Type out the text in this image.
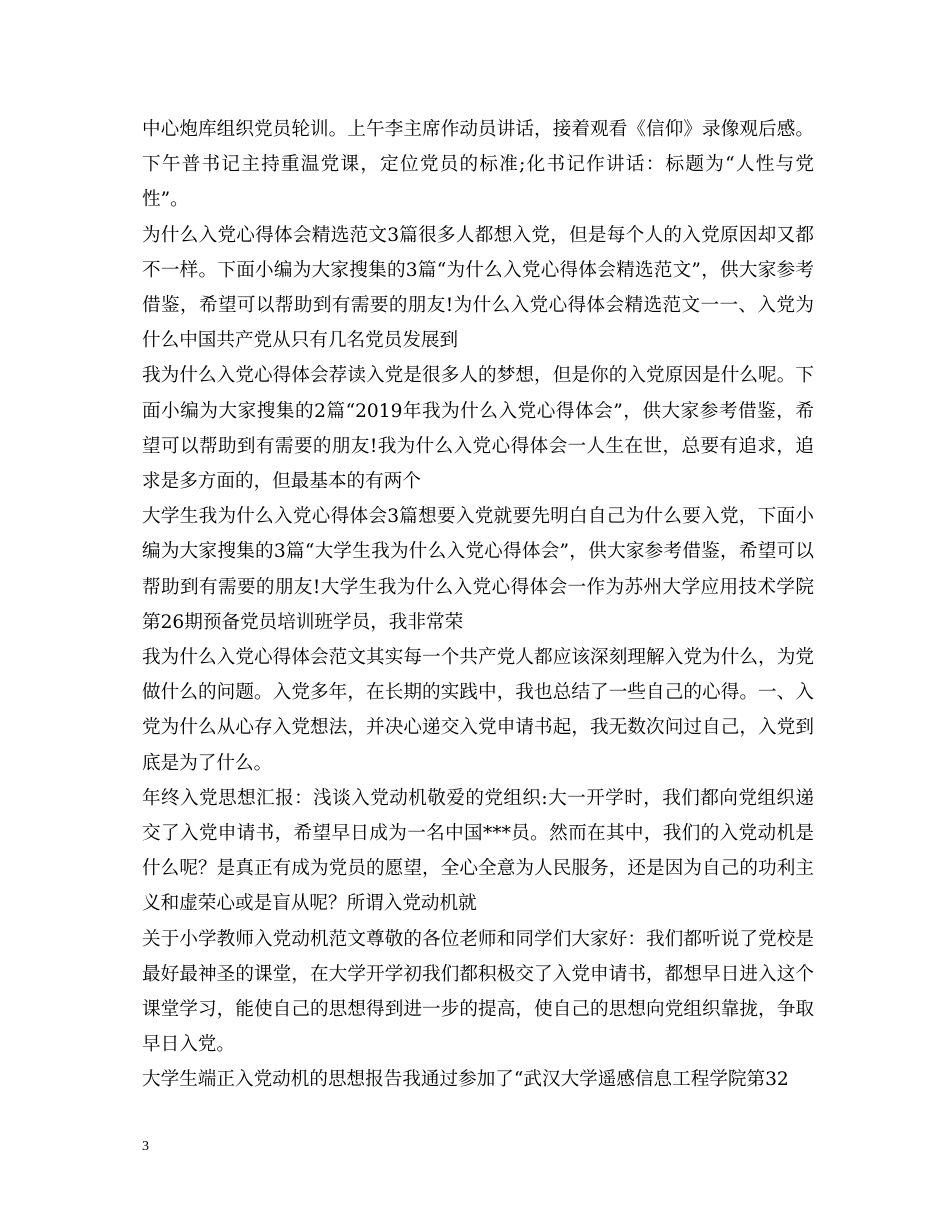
中心炮库组织党员轮训。上午李主席作动员讲话，接着观看《信仰》录像观后感。下午普书记主持重温党课，定位党员的标准;化书记作讲话：标题为“人性与党性”。

为什么入党心得体会精选范文3篇很多人都想入党，但是每个人的入党原因却又都不一样。下面小编为大家搜集的3篇“为什么入党心得体会精选范文”，供大家参考借鉴，希望可以帮助到有需要的朋友!为什么入党心得体会精选范文一一、入党为什么中国共产党从只有几名党员发展到

我为什么入党心得体会荐读入党是很多人的梦想，但是你的入党原因是什么呢。下面小编为大家搜集的2篇“2019年我为什么入党心得体会”，供大家参考借鉴，希望可以帮助到有需要的朋友!我为什么入党心得体会一人生在世，总要有追求，追求是多方面的，但最基本的有两个

大学生我为什么入党心得体会3篇想要入党就要先明白自己为什么要入党，下面小编为大家搜集的3篇“大学生我为什么入党心得体会”，供大家参考借鉴，希望可以帮助到有需要的朋友!大学生我为什么入党心得体会一作为苏州大学应用技术学院第26期预备党员培训班学员，我非常荣

我为什么入党心得体会范文其实每一个共产党人都应该深刻理解入党为什么，为党做什么的问题。入党多年，在长期的实践中，我也总结了一些自己的心得。一、入党为什么从心存入党想法，并决心递交入党申请书起，我无数次问过自己，入党到底是为了什么。

年终入党思想汇报：浅谈入党动机敬爱的党组织:大一开学时，我们都向党组织递交了入党申请书，希望早日成为一名中国***员。然而在其中，我们的入党动机是什么呢？是真正有成为党员的愿望，全心全意为人民服务，还是因为自己的功利主义和虚荣心或是盲从呢？所谓入党动机就

关于小学教师入党动机范文尊敬的各位老师和同学们大家好：我们都听说了党校是最好最神圣的课堂，在大学开学初我们都积极交了入党申请书，都想早日进入这个课堂学习，能使自己的思想得到进一步的提高，使自己的思想向党组织靠拢，争取早日入党。

大学生端正入党动机的思想报告我通过参加了“武汉大学遥感信息工程学院第32

3
